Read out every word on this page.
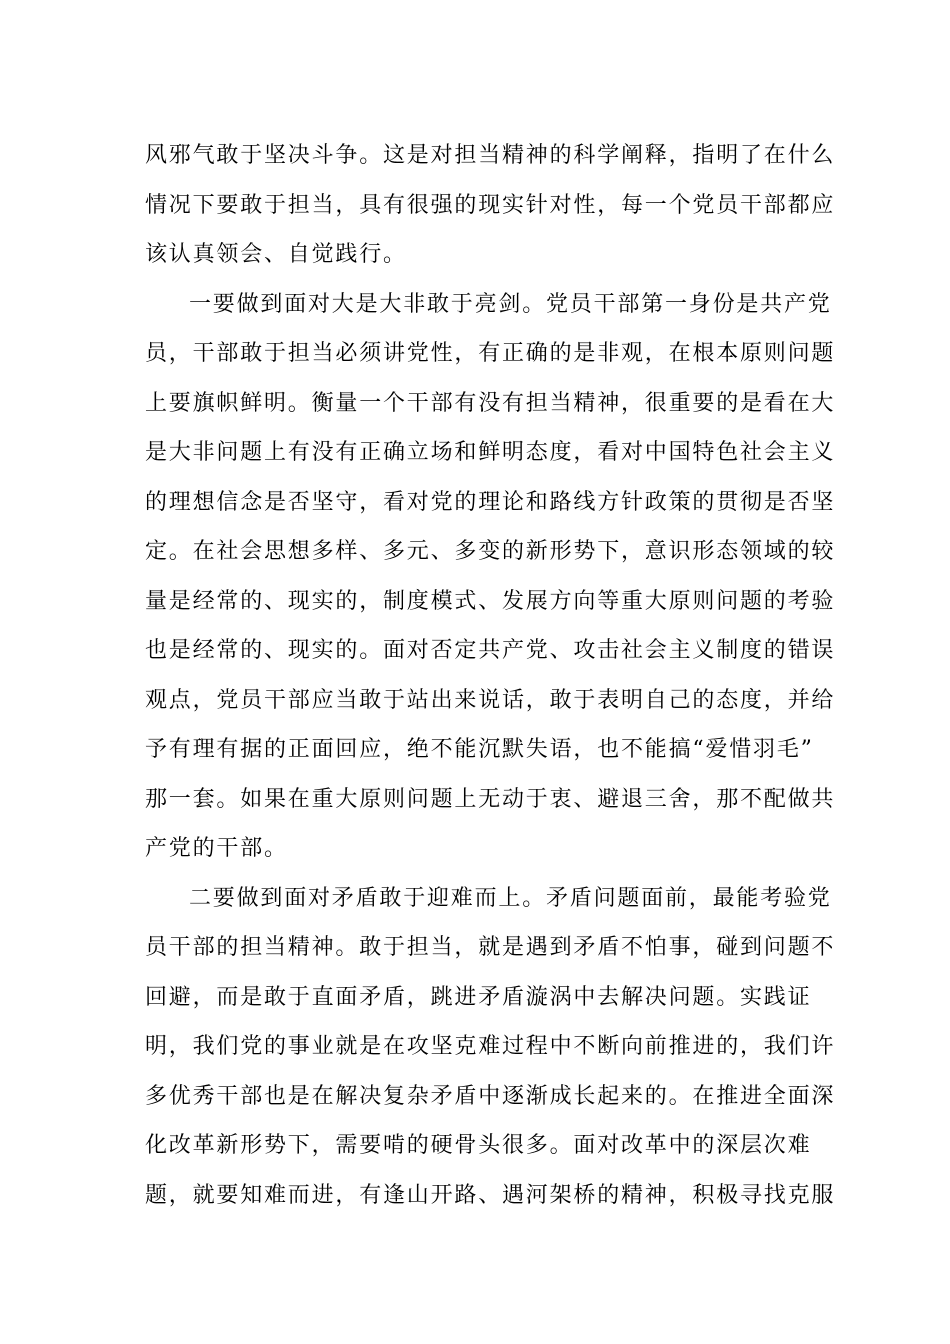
风邪气敢于坚决斗争。这是对担当精神的科学阐释，指明了在什么
情况下要敢于担当，具有很强的现实针对性，每一个党员干部都应
该认真领会、自觉践行。
一要做到面对大是大非敢于亮剑。党员干部第一身份是共产党
员，干部敢于担当必须讲党性，有正确的是非观，在根本原则问题
上要旗帜鲜明。衡量一个干部有没有担当精神，很重要的是看在大
是大非问题上有没有正确立场和鲜明态度，看对中国特色社会主义
的理想信念是否坚守，看对党的理论和路线方针政策的贯彻是否坚
定。在社会思想多样、多元、多变的新形势下，意识形态领域的较
量是经常的、现实的，制度模式、发展方向等重大原则问题的考验
也是经常的、现实的。面对否定共产党、攻击社会主义制度的错误
观点，党员干部应当敢于站出来说话，敢于表明自己的态度，并给
予有理有据的正面回应，绝不能沉默失语，也不能搞“爱惜羽毛”
那一套。如果在重大原则问题上无动于衷、避退三舍，那不配做共
产党的干部。
二要做到面对矛盾敢于迎难而上。矛盾问题面前，最能考验党
员干部的担当精神。敢于担当，就是遇到矛盾不怕事，碰到问题不
回避，而是敢于直面矛盾，跳进矛盾漩涡中去解决问题。实践证
明，我们党的事业就是在攻坚克难过程中不断向前推进的，我们许
多优秀干部也是在解决复杂矛盾中逐渐成长起来的。在推进全面深
化改革新形势下，需要啃的硬骨头很多。面对改革中的深层次难
题，就要知难而进，有逢山开路、遇河架桥的精神，积极寻找克服
